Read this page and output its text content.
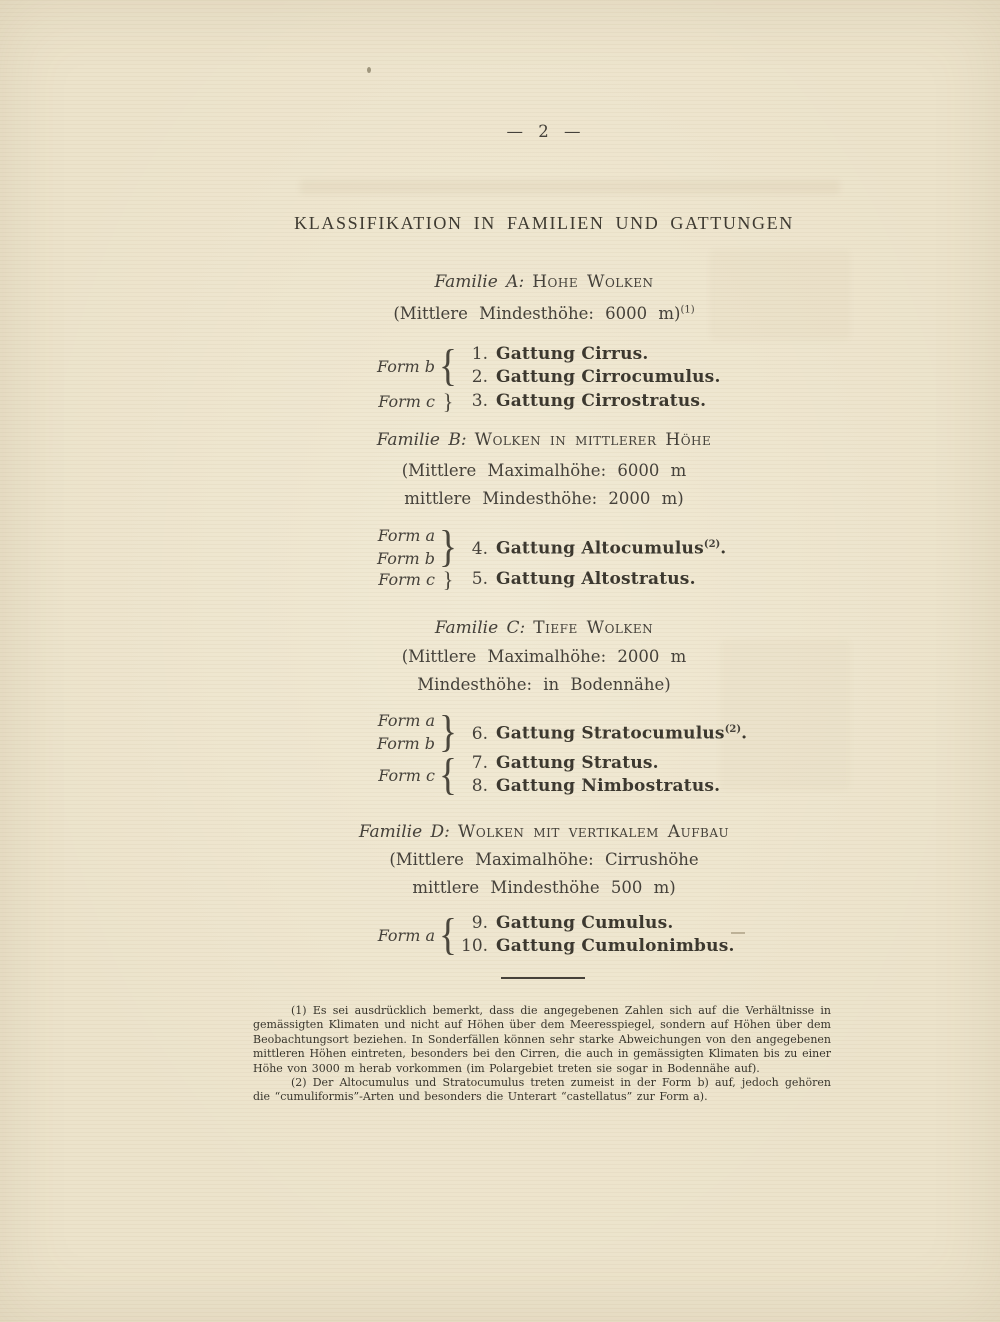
— 2 —
KLASSIFIKATION IN FAMILIEN UND GATTUNGEN
Familie A: Hohe Wolken
(Mittlere Mindesthöhe: 6000 m)$^{(1)}$
Form b { 1. Gattung Cirrus.
2. Gattung Cirrocumulus.
Form c }	3. Gattung Cirrostratus.
Familie B: Wolken in mittlerer Höhe
(Mittlere Maximalhöhe: 6000 m
mittlere Mindesthöhe: 2000 m)
Form a
Form b } 4. Gattung Altocumulus$^{(2)}$.
Form c }	5. Gattung Altostratus.
Familie C: Tiefe Wolken
(Mittlere Maximalhöhe: 2000 m
Mindesthöhe: in Bodennähe)
Form a
Form b } 6. Gattung Stratocumulus$^{(2)}$.
Form c { 7. Gattung Stratus.
8. Gattung Nimbostratus.
Familie D: Wolken mit vertikalem Aufbau
(Mittlere Maximalhöhe: Cirrushöhe
mittlere Mindesthöhe 500 m)
Form a { 9. Gattung Cumulus.
10. Gattung Cumulonimbus.

(1) Es sei ausdrücklich bemerkt, dass die angegebenen Zahlen sich auf die Verhältnisse in gemässigten Klimaten und nicht auf Höhen über dem Meeresspiegel, sondern auf Höhen über dem Beobachtungsort beziehen. In Sonderfällen können sehr starke Abweichungen von den angegebenen mittleren Höhen eintreten, besonders bei den Cirren, die auch in gemässigten Klimaten bis zu einer Höhe von 3000 m herab vorkommen (im Polargebiet treten sie sogar in Bodennähe auf).

(2) Der Altocumulus und Stratocumulus treten zumeist in der Form b) auf, jedoch gehören die “cumuliformis”-Arten und besonders die Unterart “castellatus” zur Form a).
